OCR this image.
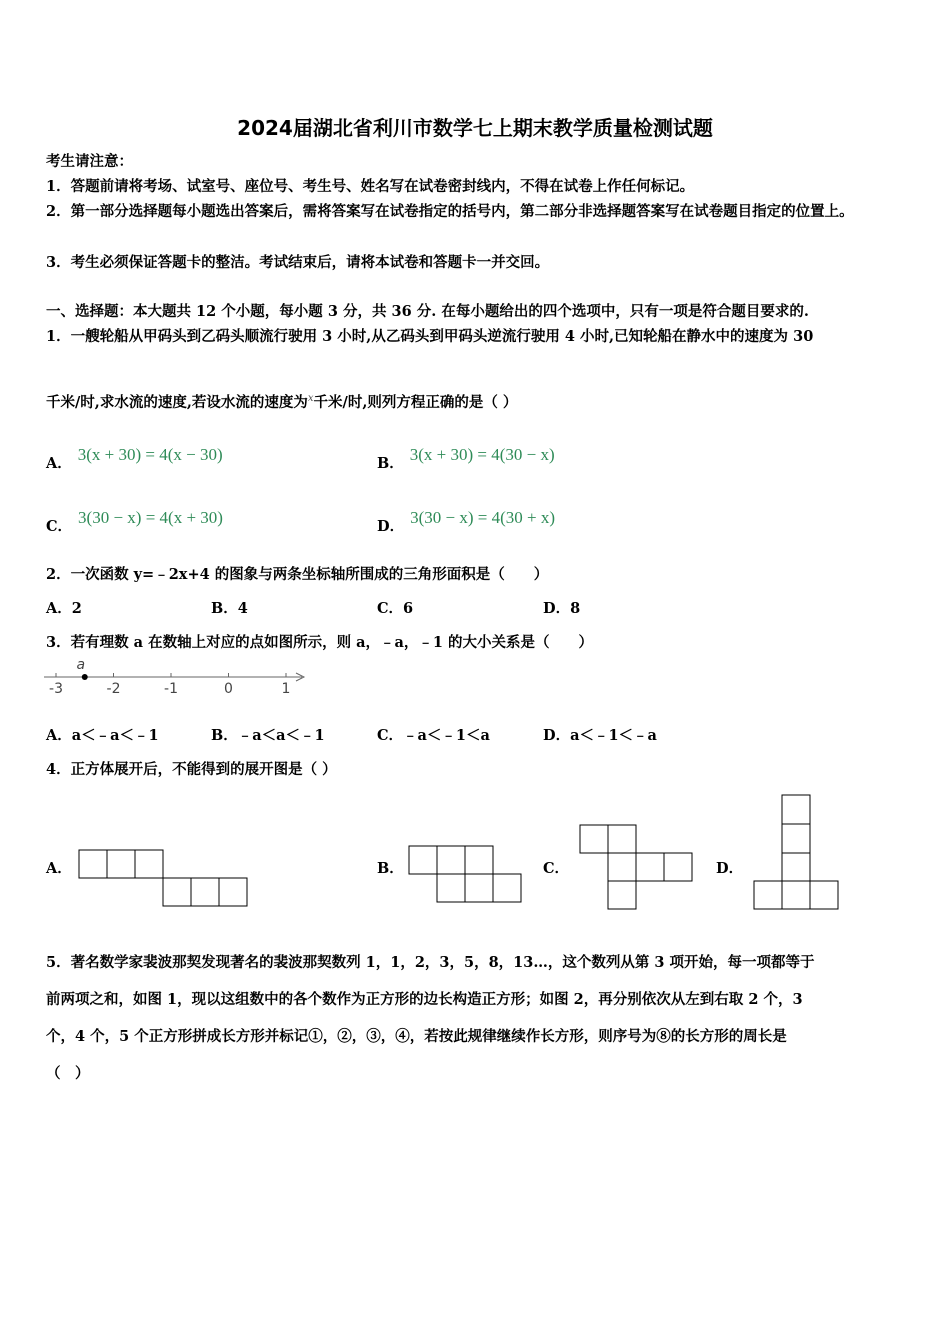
2024届湖北省利川市数学七上期末教学质量检测试题
考生请注意：
1．答题前请将考场、试室号、座位号、考生号、姓名写在试卷密封线内，不得在试卷上作任何标记。
2．第一部分选择题每小题选出答案后，需将答案写在试卷指定的括号内，第二部分非选择题答案写在试卷题目指定的位置上。
3．考生必须保证答题卡的整洁。考试结束后，请将本试卷和答题卡一并交回。
一、选择题：本大题共 12 个小题，每小题 3 分，共 36 分. 在每小题给出的四个选项中，只有一项是符合题目要求的.
1．一艘轮船从甲码头到乙码头顺流行驶用 3 小时,从乙码头到甲码头逆流行驶用 4 小时,已知轮船在静水中的速度为 30
千米/时,求水流的速度,若设水流的速度为$^x$千米/时,则列方程正确的是（ ）
A． 3(x + 30) = 4(x − 30)	B． 3(x + 30) = 4(30 − x)
C． 3(30 − x) = 4(x + 30)	D． 3(30 − x) = 4(30 + x)
2．一次函数 y=﹣2x+4 的图象与两条坐标轴所围成的三角形面积是（　　）
A．2	B．4	C．6	D．8
3．若有理数 a 在数轴上对应的点如图所示，则 a，﹣a，﹣1 的大小关系是（　　）
-3	-2	-1	0	1
a
A．a＜﹣a＜﹣1	B．﹣a＜a＜﹣1	C．﹣a＜﹣1＜a	D．a＜﹣1＜﹣a
4．正方体展开后，不能得到的展开图是（ ）
A．	B．	C．	D．
5．著名数学家裴波那契发现著名的裴波那契数列 1，1，2，3，5，8，13…，这个数列从第 3 项开始，每一项都等于
前两项之和，如图 1，现以这组数中的各个数作为正方形的边长构造正方形；如图 2，再分别依次从左到右取 2 个，3
个，4 个，5 个正方形拼成长方形并标记①，②，③，④，若按此规律继续作长方形，则序号为⑧的长方形的周长是
（　）
